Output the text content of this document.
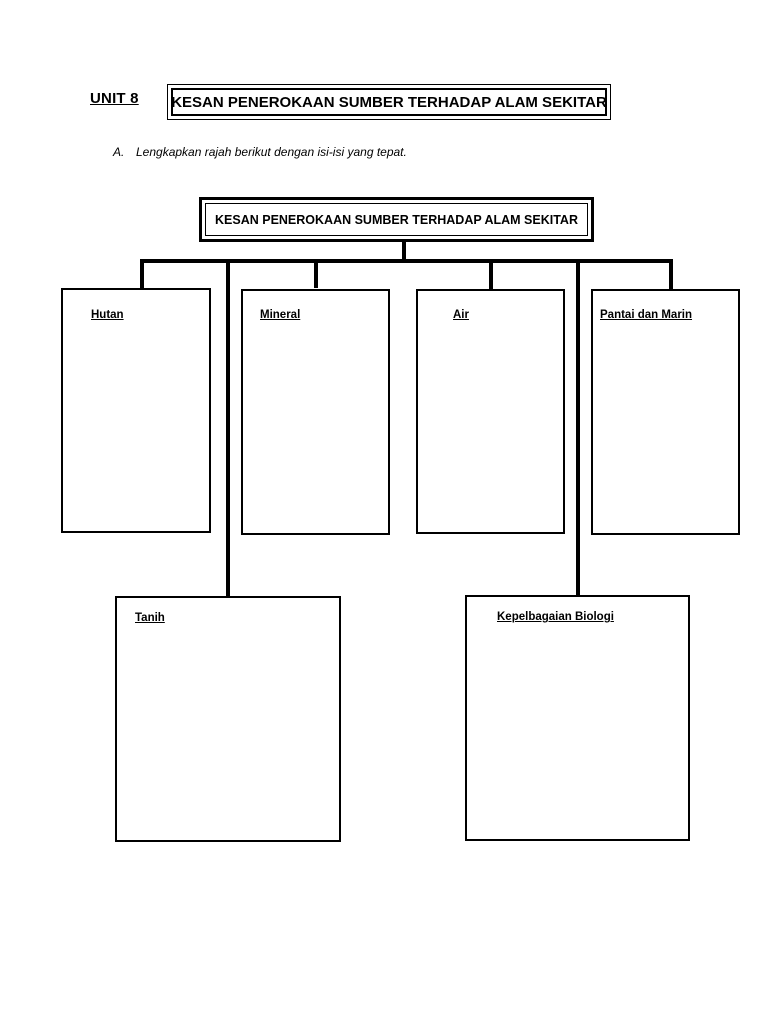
UNIT 8 KESAN PENEROKAAN SUMBER TERHADAP ALAM SEKITAR
A. Lengkapkan rajah berikut dengan isi-isi yang tepat.
KESAN PENEROKAAN SUMBER TERHADAP ALAM SEKITAR
Hutan	Mineral	Air	Pantai dan Marin
Tanih	Kepelbagaian Biologi
